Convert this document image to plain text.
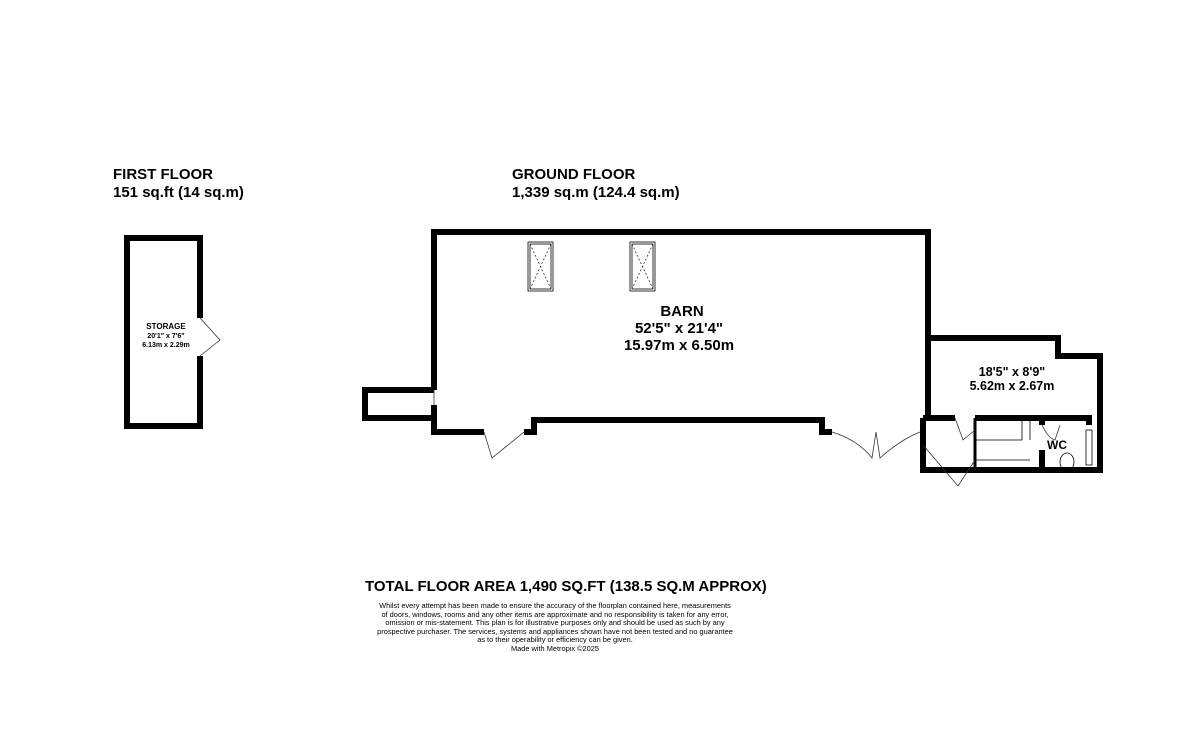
FIRST FLOOR
151 sq.ft (14 sq.m)
GROUND FLOOR
1,339 sq.m (124.4 sq.m)
STORAGE
20'1" x 7'6"
6.13m x 2.29m
BARN
52'5" x 21'4"
15.97m x 6.50m
18'5" x 8'9"
5.62m x 2.67m
WC
TOTAL FLOOR AREA 1,490 SQ.FT (138.5 SQ.M APPROX)
Whilst every attempt has been made to ensure the accuracy of the floorplan contained here, measurements
of doors, windows, rooms and any other items are approximate and no responsibility is taken for any error,
omission or mis-statement. This plan is for illustrative purposes only and should be used as such by any
prospective purchaser. The services, systems and appliances shown have not been tested and no guarantee
as to their operability or efficiency can be given.
Made with Metropix ©2025
